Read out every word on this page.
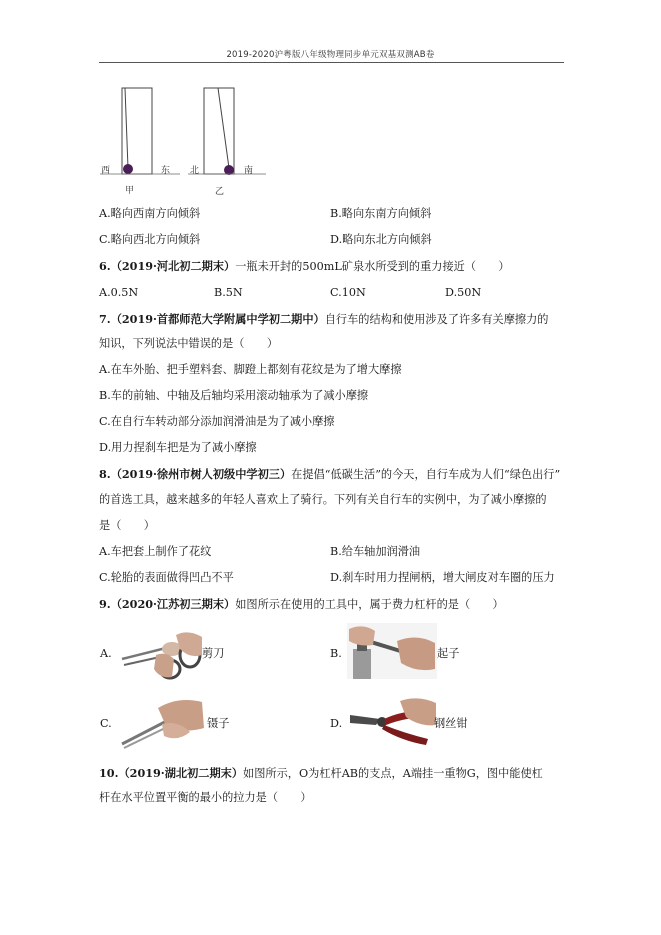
2019-2020沪粤版八年级物理同步单元双基双测AB卷
西	东
甲
北	南
乙
A.略向西南方向倾斜	B.略向东南方向倾斜
C.略向西北方向倾斜	D.略向东北方向倾斜
6.（2019·河北初二期末）一瓶未开封的500mL矿泉水所受到的重力接近（　　）
A.0.5N	B.5N	C.10N	D.50N
7.（2019·首都师范大学附属中学初二期中）自行车的结构和使用涉及了许多有关摩擦力的
知识，下列说法中错误的是（　　）
A.在车外胎、把手塑料套、脚蹬上都刻有花纹是为了增大摩擦
B.车的前轴、中轴及后轴均采用滚动轴承为了减小摩擦
C.在自行车转动部分添加润滑油是为了减小摩擦
D.用力捏刹车把是为了减小摩擦
8.（2019·徐州市树人初级中学初三）在提倡“低碳生活”的今天，自行车成为人们“绿色出行”
的首选工具，越来越多的年轻人喜欢上了骑行。下列有关自行车的实例中，为了减小摩擦的
是（　　）
A.车把套上制作了花纹	B.给车轴加润滑油
C.轮胎的表面做得凹凸不平	D.刹车时用力捏闸柄，增大闸皮对车圈的压力
9.（2020·江苏初三期末）如图所示在使用的工具中，属于费力杠杆的是（　　）
A.	剪刀	B.	起子
C.	镊子	D.	钢丝钳
10.（2019·湖北初二期末）如图所示，O为杠杆AB的支点，A端挂一重物G，图中能使杠
杆在水平位置平衡的最小的拉力是（　　）
